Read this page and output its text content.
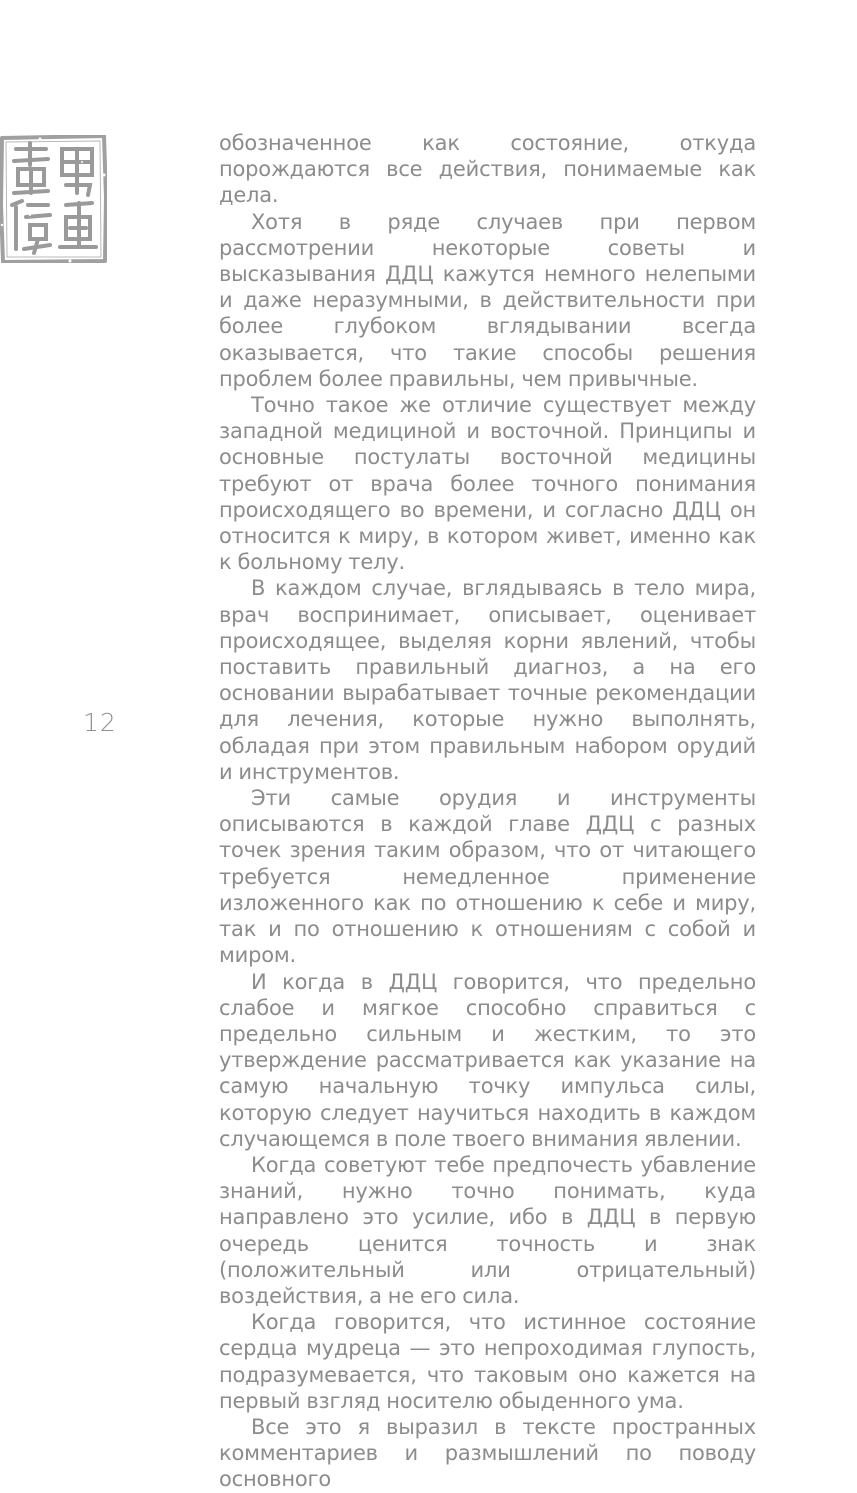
12

обозначенное как состояние, откуда порождаются все действия, понимаемые как дела.

Хотя в ряде случаев при первом рассмотрении некоторые советы и высказывания ДДЦ кажутся немного нелепыми и даже неразумными, в действительности при более глубоком вглядывании всегда оказывается, что такие способы решения проблем более правильны, чем привычные.

Точно такое же отличие существует между западной медициной и восточной. Принципы и основные постулаты восточной медицины требуют от врача более точного понимания происходящего во времени, и согласно ДДЦ он относится к миру, в котором живет, именно как к больному телу.

В каждом случае, вглядываясь в тело мира, врач воспринимает, описывает, оценивает происходящее, выделяя корни явлений, чтобы поставить правильный диагноз, а на его основании вырабатывает точные рекомендации для лечения, которые нужно выполнять, обладая при этом правильным набором орудий и инструментов.

Эти самые орудия и инструменты описываются в каждой главе ДДЦ с разных точек зрения таким образом, что от читающего требуется немедленное применение изложенного как по отношению к себе и миру, так и по отношению к отношениям с собой и миром.

И когда в ДДЦ говорится, что предельно слабое и мягкое способно справиться с предельно сильным и жестким, то это утверждение рассматривается как указание на самую начальную точку импульса силы, которую следует научиться находить в каждом случающемся в поле твоего внимания явлении.

Когда советуют тебе предпочесть убавление знаний, нужно точно понимать, куда направлено это усилие, ибо в ДДЦ в первую очередь ценится точность и знак (положительный или отрицательный) воздействия, а не его сила.

Когда говорится, что истинное состояние сердца мудреца — это непроходимая глупость, подразумевается, что таковым оно кажется на первый взгляд носителю обыденного ума.

Все это я выразил в тексте пространных комментариев и размышлений по поводу основного
